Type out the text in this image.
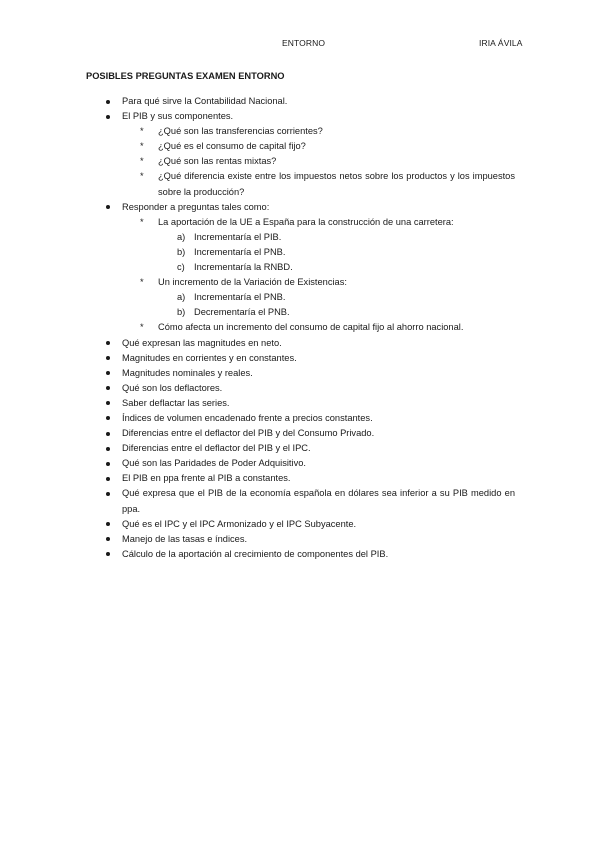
ENTORNO	IRIA ÁVILA
POSIBLES PREGUNTAS EXAMEN ENTORNO
Para qué sirve la Contabilidad Nacional.
El PIB y sus componentes.
* ¿Qué son las transferencias corrientes?
* ¿Qué es el consumo de capital fijo?
* ¿Qué son las rentas mixtas?
* ¿Qué diferencia existe entre los impuestos netos sobre los productos y los impuestos sobre la producción?
Responder a preguntas tales como:
* La aportación de la UE a España para la construcción de una carretera:
a) Incrementaría el PIB.
b) Incrementaría el PNB.
c) Incrementaría la RNBD.
* Un incremento de la Variación de Existencias:
a) Incrementaría el PNB.
b) Decrementaría el PNB.
* Cómo afecta un incremento del consumo de capital fijo al ahorro nacional.
Qué expresan las magnitudes en neto.
Magnitudes en corrientes y en constantes.
Magnitudes nominales y reales.
Qué son los deflactores.
Saber deflactar las series.
Índices de volumen encadenado frente a precios constantes.
Diferencias entre el deflactor del PIB y del Consumo Privado.
Diferencias entre el deflactor del PIB y el IPC.
Qué son las Paridades de Poder Adquisitivo.
El PIB en ppa frente al PIB a constantes.
Qué expresa que el PIB de la economía española en dólares sea inferior a su PIB medido en ppa.
Qué es el IPC y el IPC Armonizado y el IPC Subyacente.
Manejo de las tasas e índices.
Cálculo de la aportación al crecimiento de componentes del PIB.
